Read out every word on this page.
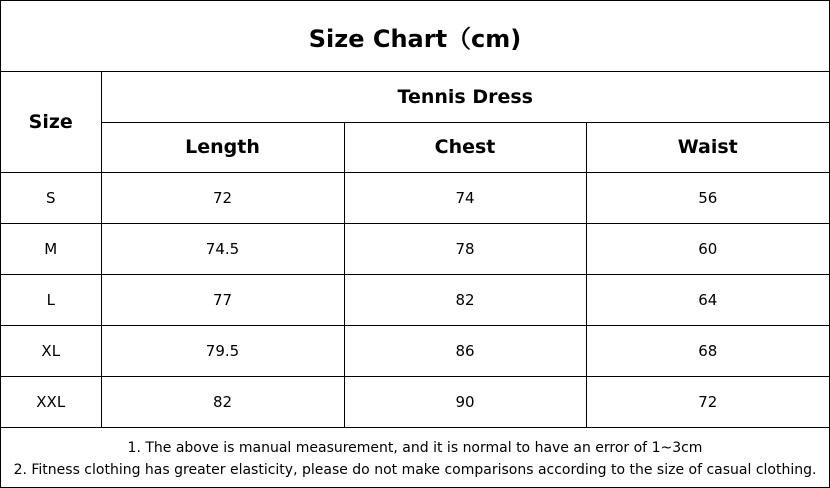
Size Chart（cm)
Size	Tennis Dress		
	Length	Chest	Waist
S	72	74	56
M	74.5	78	60
L	77	82	64
XL	79.5	86	68
XXL	82	90	72
1. The above is manual measurement, and it is normal to have an error of 1~3cm
2. Fitness clothing has greater elasticity, please do not make comparisons according to the size of casual clothing.
